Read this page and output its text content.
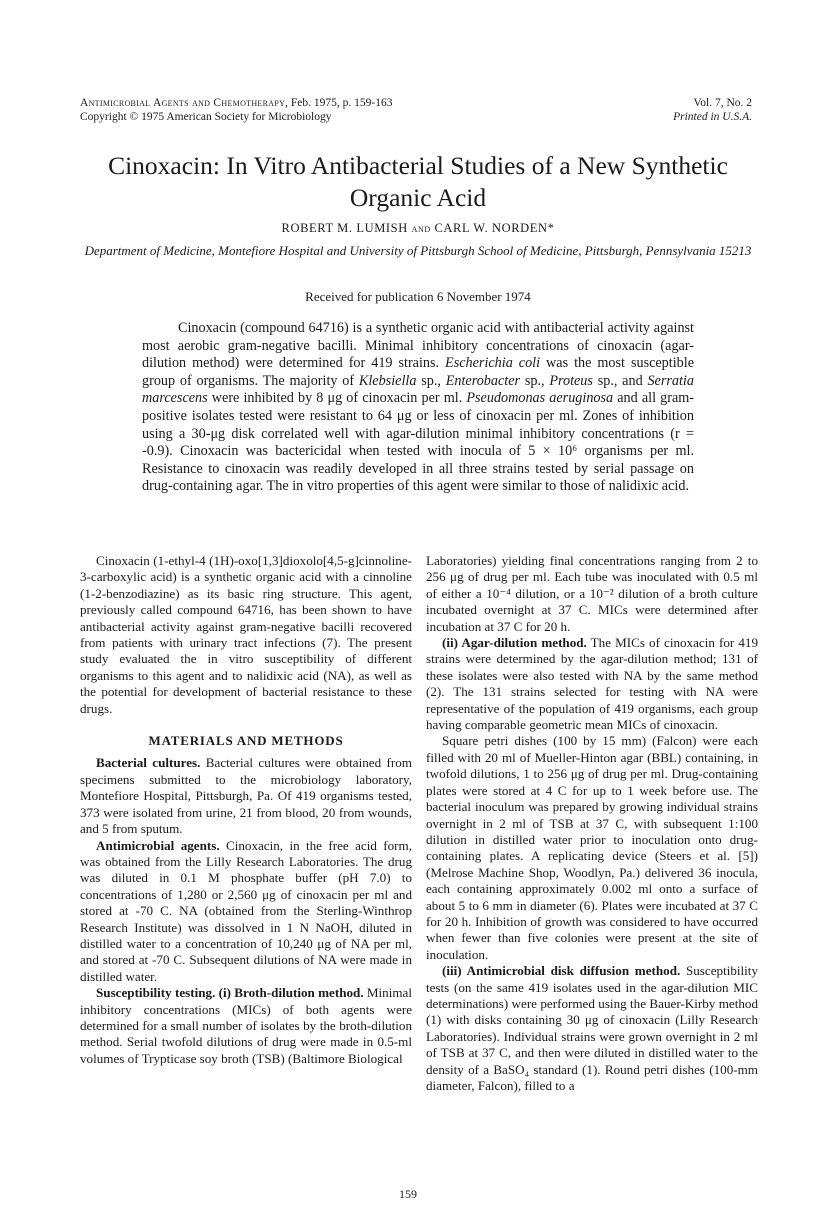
Antimicrobial Agents and Chemotherapy, Feb. 1975, p. 159-163
Copyright © 1975 American Society for Microbiology
Vol. 7, No. 2
Printed in U.S.A.
Cinoxacin: In Vitro Antibacterial Studies of a New Synthetic Organic Acid
ROBERT M. LUMISH and CARL W. NORDEN*
Department of Medicine, Montefiore Hospital and University of Pittsburgh School of Medicine, Pittsburgh, Pennsylvania 15213
Received for publication 6 November 1974
Cinoxacin (compound 64716) is a synthetic organic acid with antibacterial activity against most aerobic gram-negative bacilli. Minimal inhibitory concentrations of cinoxacin (agar-dilution method) were determined for 419 strains. Escherichia coli was the most susceptible group of organisms. The majority of Klebsiella sp., Enterobacter sp., Proteus sp., and Serratia marcescens were inhibited by 8 μg of cinoxacin per ml. Pseudomonas aeruginosa and all gram-positive isolates tested were resistant to 64 μg or less of cinoxacin per ml. Zones of inhibition using a 30-μg disk correlated well with agar-dilution minimal inhibitory concentrations (r = -0.9). Cinoxacin was bactericidal when tested with inocula of 5 × 10⁶ organisms per ml. Resistance to cinoxacin was readily developed in all three strains tested by serial passage on drug-containing agar. The in vitro properties of this agent were similar to those of nalidixic acid.

Cinoxacin (1-ethyl-4 (1H)-oxo[1,3]dioxolo[4,5-g]cinnoline-3-carboxylic acid) is a synthetic organic acid with a cinnoline (1-2-benzodiazine) as its basic ring structure. This agent, previously called compound 64716, has been shown to have antibacterial activity against gram-negative bacilli recovered from patients with urinary tract infections (7). The present study evaluated the in vitro susceptibility of different organisms to this agent and to nalidixic acid (NA), as well as the potential for development of bacterial resistance to these drugs.

MATERIALS AND METHODS

Bacterial cultures. Bacterial cultures were obtained from specimens submitted to the microbiology laboratory, Montefiore Hospital, Pittsburgh, Pa. Of 419 organisms tested, 373 were isolated from urine, 21 from blood, 20 from wounds, and 5 from sputum.

Antimicrobial agents. Cinoxacin, in the free acid form, was obtained from the Lilly Research Laboratories. The drug was diluted in 0.1 M phosphate buffer (pH 7.0) to concentrations of 1,280 or 2,560 μg of cinoxacin per ml and stored at -70 C. NA (obtained from the Sterling-Winthrop Research Institute) was dissolved in 1 N NaOH, diluted in distilled water to a concentration of 10,240 μg of NA per ml, and stored at -70 C. Subsequent dilutions of NA were made in distilled water.

Susceptibility testing. (i) Broth-dilution method. Minimal inhibitory concentrations (MICs) of both agents were determined for a small number of isolates by the broth-dilution method. Serial twofold dilutions of drug were made in 0.5-ml volumes of Trypticase soy broth (TSB) (Baltimore Biological

Laboratories) yielding final concentrations ranging from 2 to 256 μg of drug per ml. Each tube was inoculated with 0.5 ml of either a 10⁻⁴ dilution, or a 10⁻² dilution of a broth culture incubated overnight at 37 C. MICs were determined after incubation at 37 C for 20 h.

(ii) Agar-dilution method. The MICs of cinoxacin for 419 strains were determined by the agar-dilution method; 131 of these isolates were also tested with NA by the same method (2). The 131 strains selected for testing with NA were representative of the population of 419 organisms, each group having comparable geometric mean MICs of cinoxacin.

Square petri dishes (100 by 15 mm) (Falcon) were each filled with 20 ml of Mueller-Hinton agar (BBL) containing, in twofold dilutions, 1 to 256 μg of drug per ml. Drug-containing plates were stored at 4 C for up to 1 week before use. The bacterial inoculum was prepared by growing individual strains overnight in 2 ml of TSB at 37 C, with subsequent 1:100 dilution in distilled water prior to inoculation onto drug-containing plates. A replicating device (Steers et al. [5]) (Melrose Machine Shop, Woodlyn, Pa.) delivered 36 inocula, each containing approximately 0.002 ml onto a surface of about 5 to 6 mm in diameter (6). Plates were incubated at 37 C for 20 h. Inhibition of growth was considered to have occurred when fewer than five colonies were present at the site of inoculation.

(iii) Antimicrobial disk diffusion method. Susceptibility tests (on the same 419 isolates used in the agar-dilution MIC determinations) were performed using the Bauer-Kirby method (1) with disks containing 30 μg of cinoxacin (Lilly Research Laboratories). Individual strains were grown overnight in 2 ml of TSB at 37 C, and then were diluted in distilled water to the density of a BaSO₄ standard (1). Round petri dishes (100-mm diameter, Falcon), filled to a

159
